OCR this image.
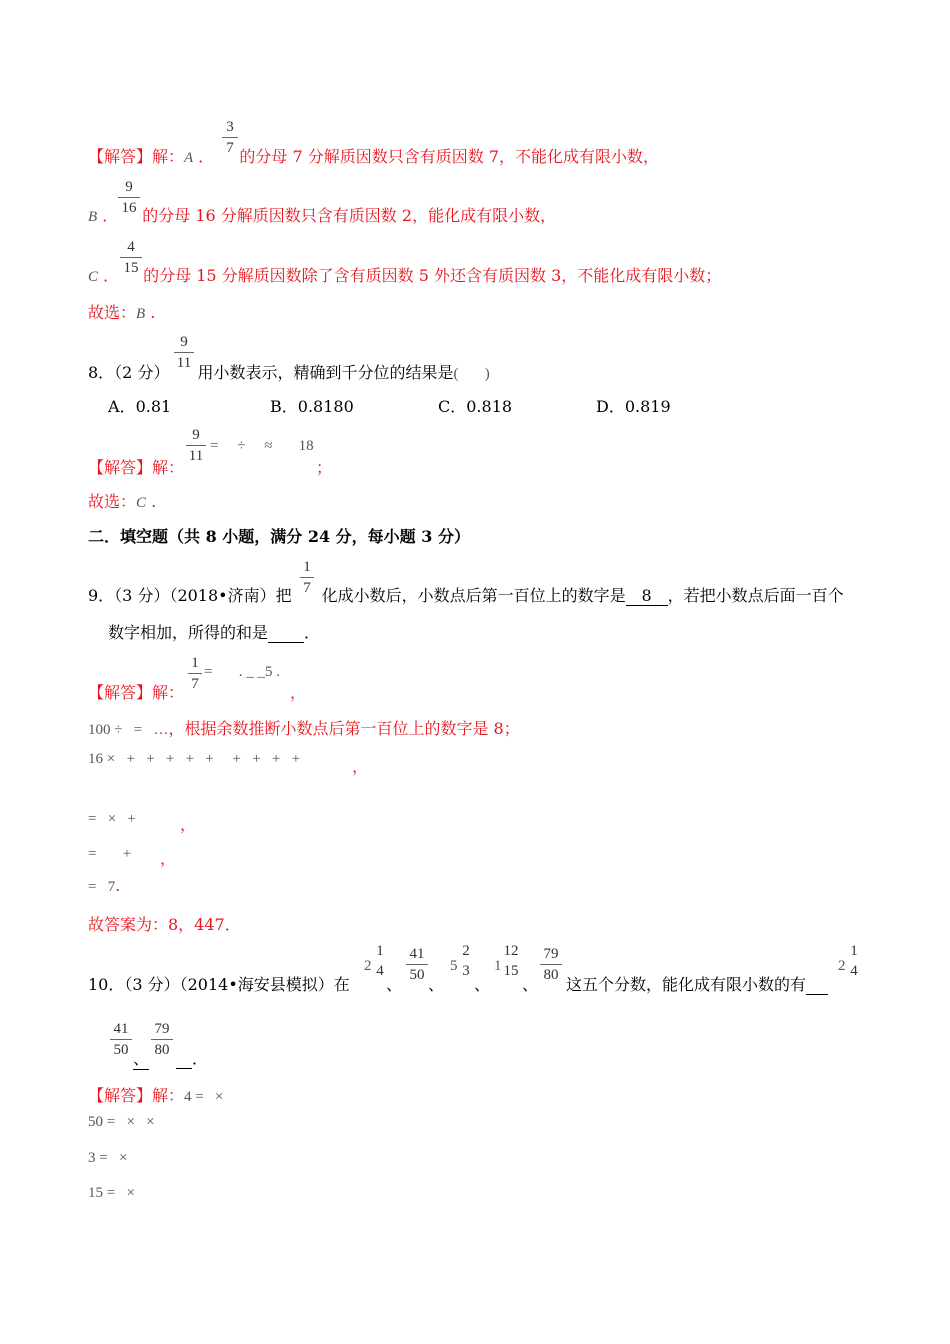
3
7
【解答】解：A ． 的分母 7 分解质因数只含有质因数 7，不能化成有限小数，
9
16
B ． 的分母 16 分解质因数只含有质因数 2，能化成有限小数，
4
15
C ． 的分母 15 分解质因数除了含有质因数 5 外还含有质因数 3，不能化成有限小数；
故选：B .
9
11
8．（2 分） 用小数表示，精确到千分位的结果是(       )
A．0.81	B．0.8180	C．0.818	D．0.819
9
11
【解答】解：
=     ÷     ≈       18
；
故选：C .
二．填空题（共 8 小题，满分 24 分，每小题 3 分）
1
7
9．（3 分）（2018•济南）把 化成小数后，小数点后第一百位上的数字是 8 ，若把小数点后面一百个
数字相加，所得的和是 ．
1
7
【解答】解：
=       . _ _5 .
，
100 ÷   =   …，根据余数推断小数点后第一百位上的数字是 8；
16 ×   +   +   +   +   +     +   +   +   +	，
=   ×   +	，
=       + ，
=   7.
故答案为：8，447．
10．（3 分）（2014•海安县模拟）在
2
1
4
、
41
50 、
5
2
3
、
1
12
15
、
79
80 这五个分数，能化成有限小数的有
2
1
4
41
50 、
79
80	．
【解答】解：4 =   ×
50 =   ×   ×
3 =   ×
15 =   ×
